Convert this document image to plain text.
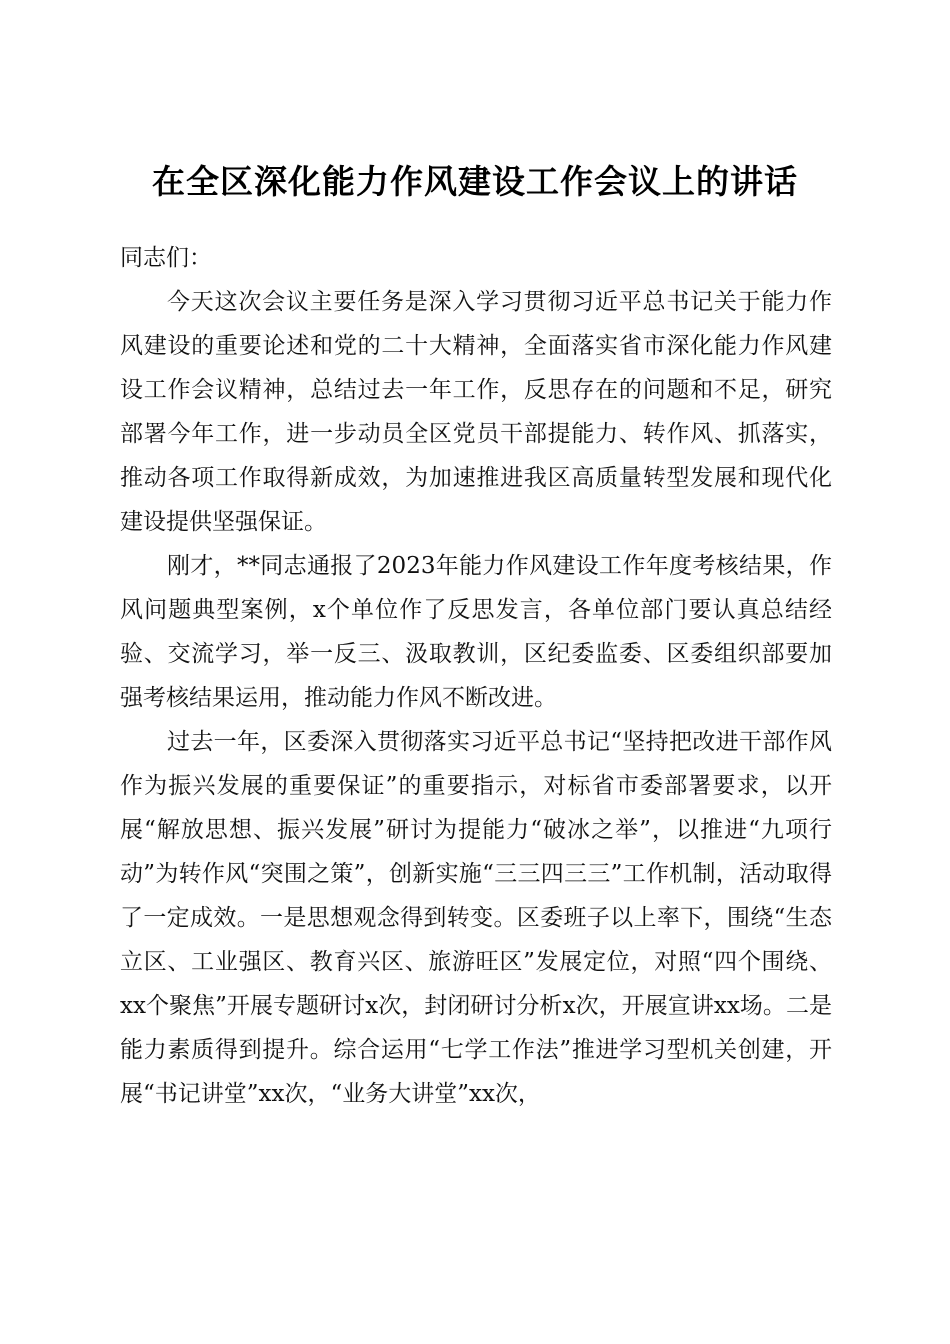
在全区深化能力作风建设工作会议上的讲话

同志们：

今天这次会议主要任务是深入学习贯彻习近平总书记关于能力作风建设的重要论述和党的二十大精神，全面落实省市深化能力作风建设工作会议精神，总结过去一年工作，反思存在的问题和不足，研究部署今年工作，进一步动员全区党员干部提能力、转作风、抓落实，推动各项工作取得新成效，为加速推进我区高质量转型发展和现代化建设提供坚强保证。

刚才，**同志通报了2023年能力作风建设工作年度考核结果，作风问题典型案例，x个单位作了反思发言，各单位部门要认真总结经验、交流学习，举一反三、汲取教训，区纪委监委、区委组织部要加强考核结果运用，推动能力作风不断改进。

过去一年，区委深入贯彻落实习近平总书记“坚持把改进干部作风作为振兴发展的重要保证”的重要指示，对标省市委部署要求，以开展“解放思想、振兴发展”研讨为提能力“破冰之举”，以推进“九项行动”为转作风“突围之策”，创新实施“三三四三三”工作机制，活动取得了一定成效。一是思想观念得到转变。区委班子以上率下，围绕“生态立区、工业强区、教育兴区、旅游旺区”发展定位，对照“四个围绕、xx个聚焦”开展专题研讨x次，封闭研讨分析x次，开展宣讲xx场。二是能力素质得到提升。综合运用“七学工作法”推进学习型机关创建，开展“书记讲堂”xx次，“业务大讲堂”xx次，
